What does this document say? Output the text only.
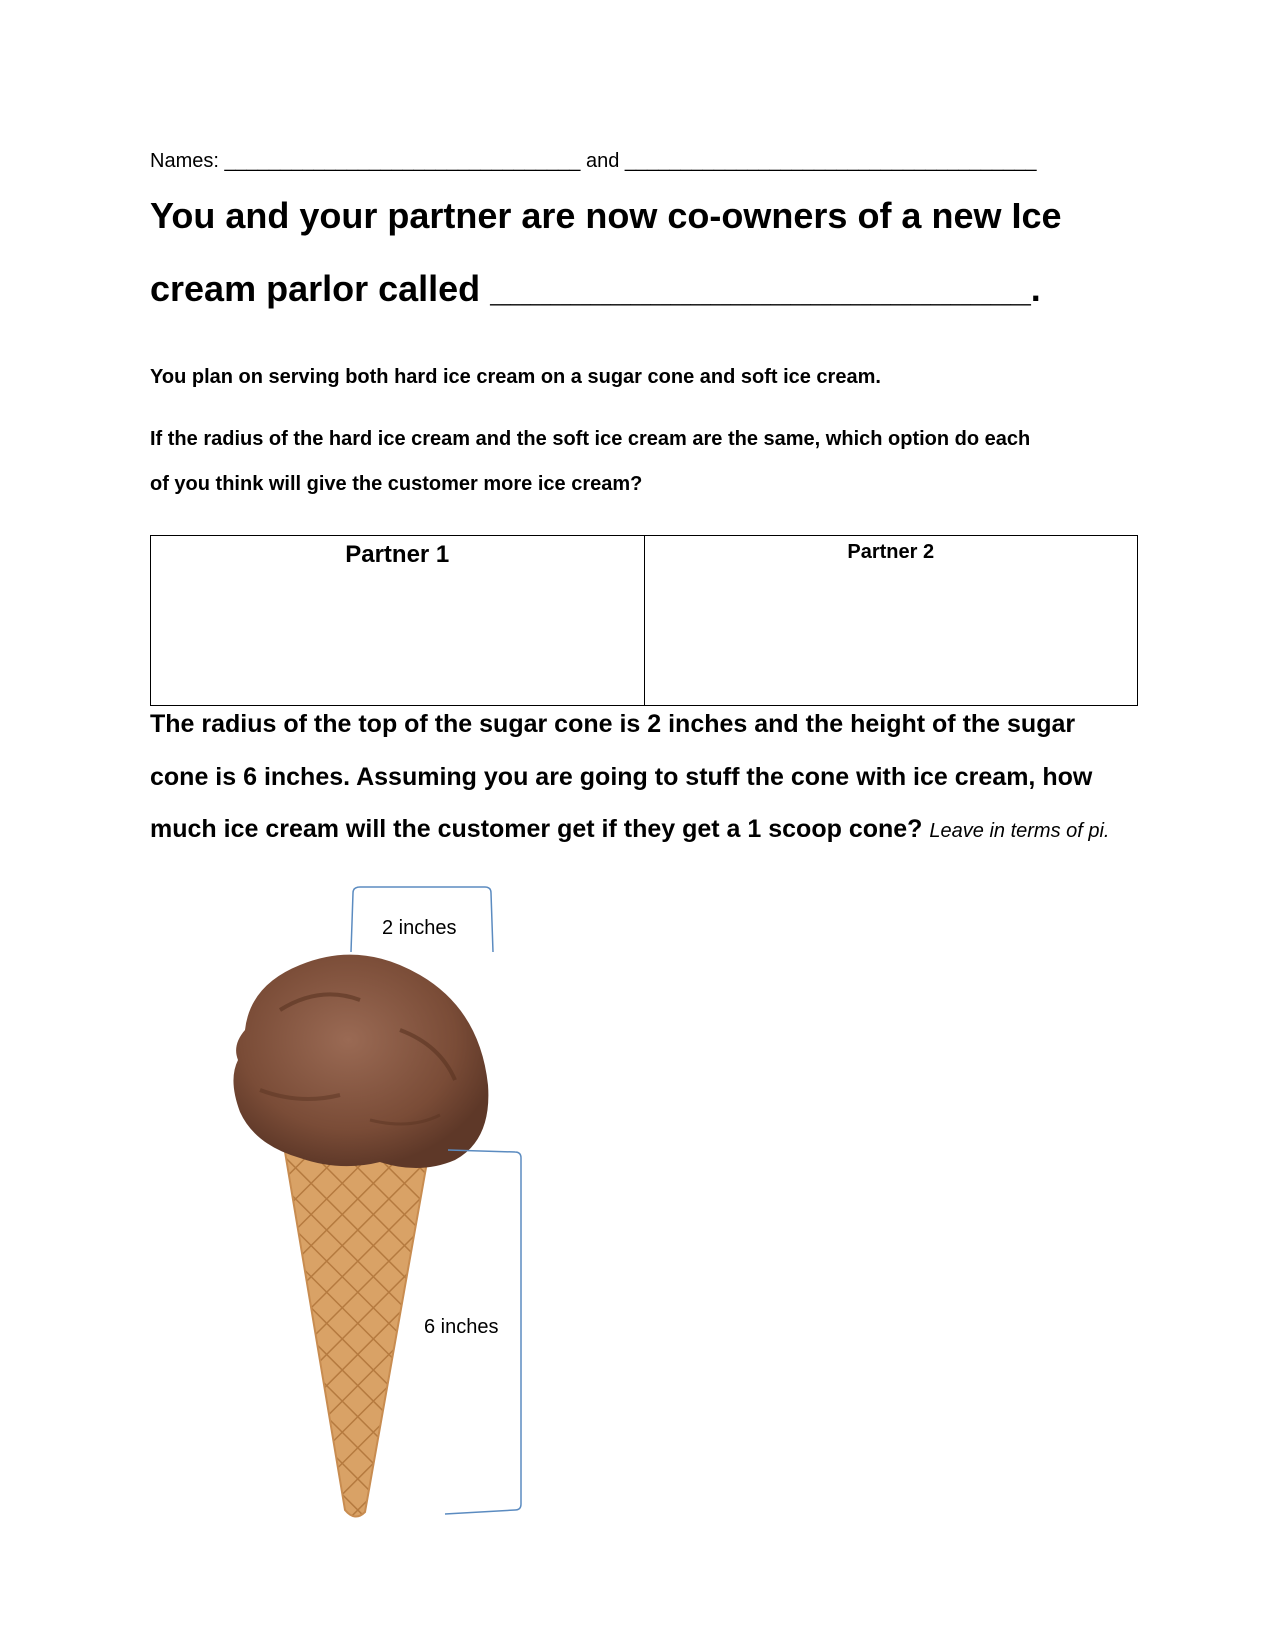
Names: ________________________________ and _____________________________________
You and your partner are now co-owners of a new Ice
cream parlor called ___________________________.
You plan on serving both hard ice cream on a sugar cone and soft ice cream.
If the radius of the hard ice cream and the soft ice cream are the same, which option do each
of you think will give the customer more ice cream?
Partner 1	Partner 2
The radius of the top of the sugar cone is 2 inches and the height of the sugar
cone is 6 inches. Assuming you are going to stuff the cone with ice cream, how
much ice cream will the customer get if they get a 1 scoop cone? Leave in terms of pi.
2 inches
6 inches
